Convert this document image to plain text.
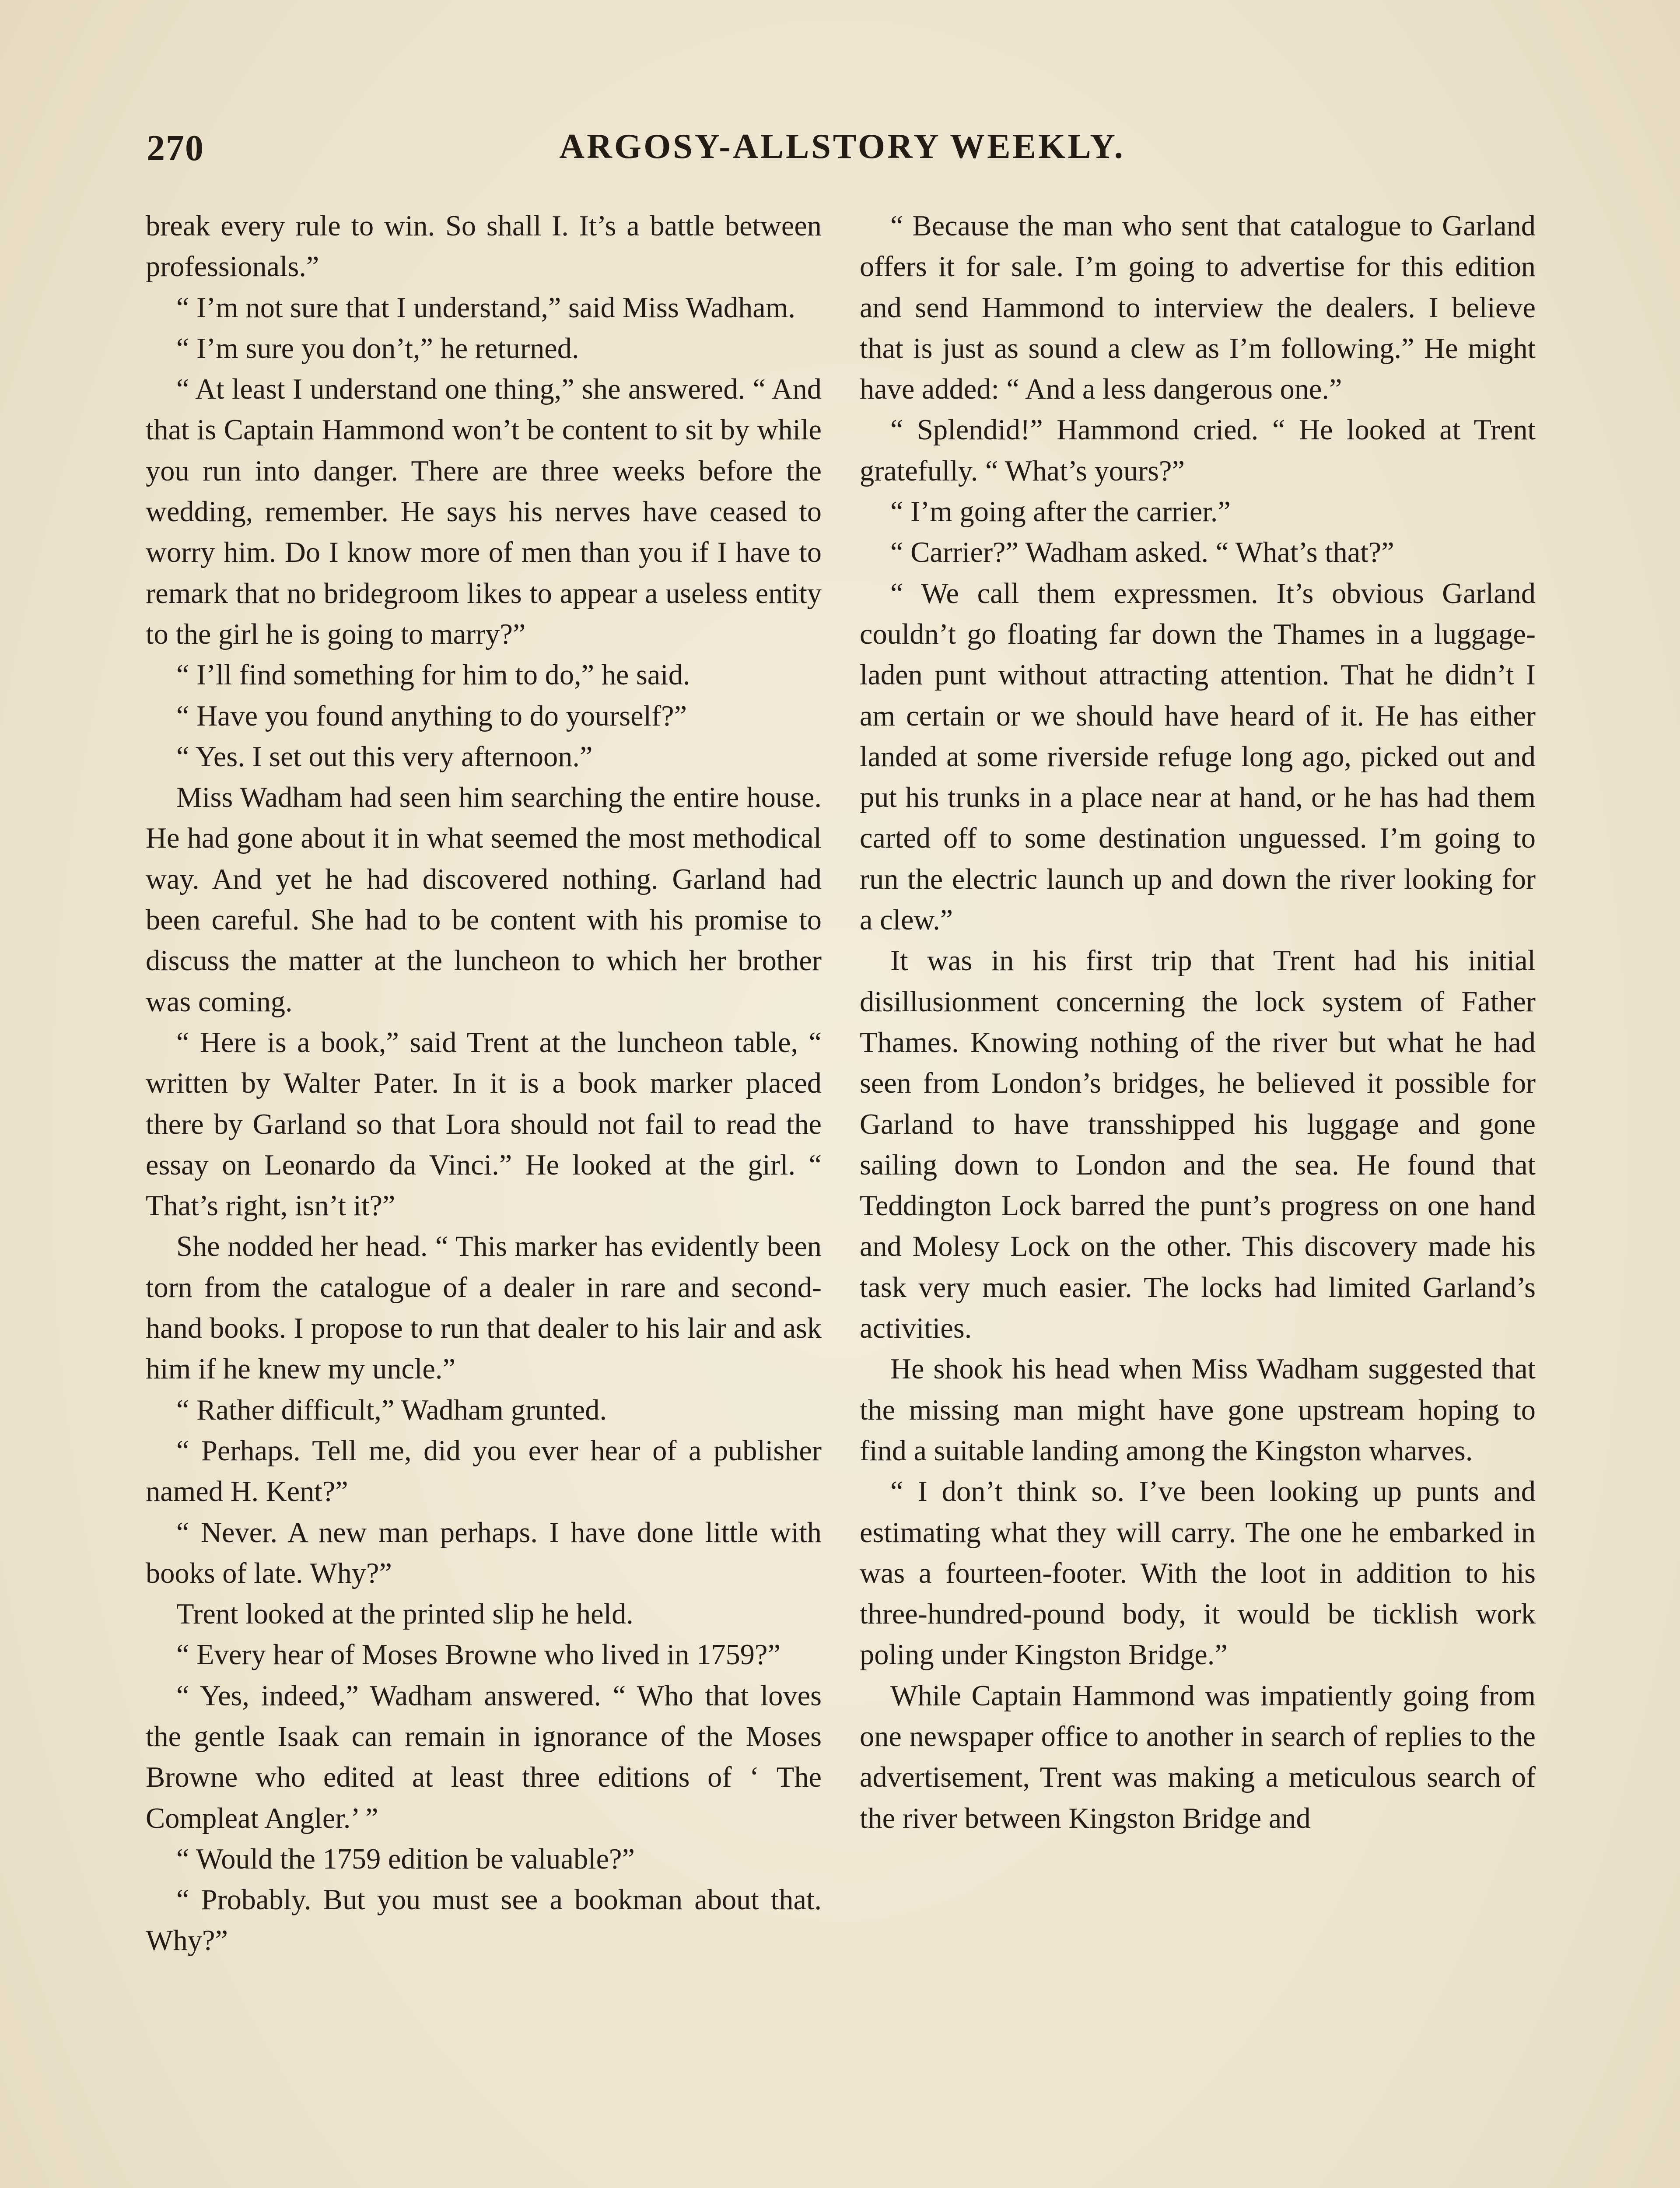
270	ARGOSY-ALLSTORY WEEKLY.

break every rule to win. So shall I. It’s a battle between professionals.”

“ I’m not sure that I understand,” said Miss Wadham.

“ I’m sure you don’t,” he returned.

“ At least I understand one thing,” she answered. “ And that is Captain Hammond won’t be content to sit by while you run into danger. There are three weeks before the wedding, remember. He says his nerves have ceased to worry him. Do I know more of men than you if I have to remark that no bridegroom likes to appear a useless entity to the girl he is going to marry?”

“ I’ll find something for him to do,” he said.

“ Have you found anything to do yourself?”

“ Yes. I set out this very afternoon.”

Miss Wadham had seen him searching the entire house. He had gone about it in what seemed the most methodical way. And yet he had discovered nothing. Garland had been careful. She had to be content with his promise to discuss the matter at the luncheon to which her brother was coming.

“ Here is a book,” said Trent at the luncheon table, “ written by Walter Pater. In it is a book marker placed there by Garland so that Lora should not fail to read the essay on Leonardo da Vinci.” He looked at the girl. “ That’s right, isn’t it?”

She nodded her head. “ This marker has evidently been torn from the catalogue of a dealer in rare and second-hand books. I propose to run that dealer to his lair and ask him if he knew my uncle.”

“ Rather difficult,” Wadham grunted.

“ Perhaps. Tell me, did you ever hear of a publisher named H. Kent?”

“ Never. A new man perhaps. I have done little with books of late. Why?”

Trent looked at the printed slip he held.

“ Every hear of Moses Browne who lived in 1759?”

“ Yes, indeed,” Wadham answered. “ Who that loves the gentle Isaak can remain in ignorance of the Moses Browne who edited at least three editions of ‘ The Compleat Angler.’ ”

“ Would the 1759 edition be valuable?”

“ Probably. But you must see a bookman about that. Why?”

“ Because the man who sent that catalogue to Garland offers it for sale. I’m going to advertise for this edition and send Hammond to interview the dealers. I believe that is just as sound a clew as I’m following.” He might have added: “ And a less dangerous one.”

“ Splendid!” Hammond cried. “ He looked at Trent gratefully. “ What’s yours?”

“ I’m going after the carrier.”

“ Carrier?” Wadham asked. “ What’s that?”

“ We call them expressmen. It’s obvious Garland couldn’t go floating far down the Thames in a luggage-laden punt without attracting attention. That he didn’t I am certain or we should have heard of it. He has either landed at some riverside refuge long ago, picked out and put his trunks in a place near at hand, or he has had them carted off to some destination unguessed. I’m going to run the electric launch up and down the river looking for a clew.”

It was in his first trip that Trent had his initial disillusionment concerning the lock system of Father Thames. Knowing nothing of the river but what he had seen from London’s bridges, he believed it possible for Garland to have transshipped his luggage and gone sailing down to London and the sea. He found that Teddington Lock barred the punt’s progress on one hand and Molesy Lock on the other. This discovery made his task very much easier. The locks had limited Garland’s activities.

He shook his head when Miss Wadham suggested that the missing man might have gone upstream hoping to find a suitable landing among the Kingston wharves.

“ I don’t think so. I’ve been looking up punts and estimating what they will carry. The one he embarked in was a fourteen-footer. With the loot in addition to his three-hundred-pound body, it would be ticklish work poling under Kingston Bridge.”

While Captain Hammond was impatiently going from one newspaper office to another in search of replies to the advertisement, Trent was making a meticulous search of the river between Kingston Bridge and
